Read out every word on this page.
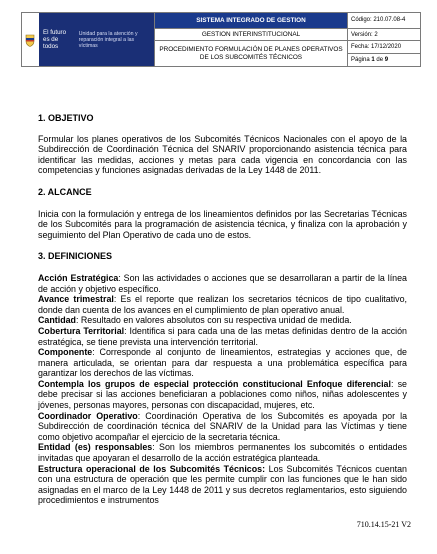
El futuro es de todos
Unidad para la atención y reparación integral a las víctimas	SISTEMA INTEGRADO DE GESTION	Código: 210.07.08-4
	GESTION INTERINSTITUCIONAL	Versión: 2
	PROCEDIMIENTO FORMULACIÓN DE PLANES OPERATIVOS DE LOS SUBCOMITÉS TÉCNICOS	Fecha: 17/12/2020
		Página 1 de 9

1. OBJETIVO

Formular los planes operativos de los Subcomités Técnicos Nacionales con el apoyo de la Subdirección de Coordinación Técnica del SNARIV proporcionando asistencia técnica para identificar las medidas, acciones y metas para cada vigencia en concordancia con las competencias y funciones asignadas derivadas de la Ley 1448 de 2011.

2. ALCANCE

Inicia con la formulación y entrega de los lineamientos definidos por las Secretarias Técnicas de los Subcomités para la programación de asistencia técnica, y finaliza con la aprobación y seguimiento del Plan Operativo de cada uno de estos.

3. DEFINICIONES

Acción Estratégica: Son las actividades o acciones que se desarrollaran a partir de la línea de acción y objetivo específico.

Avance trimestral: Es el reporte que realizan los secretarios técnicos de tipo cualitativo, donde dan cuenta de los avances en el cumplimiento de plan operativo anual.

Cantidad: Resultado en valores absolutos con su respectiva unidad de medida.

Cobertura Territorial: Identifica si para cada una de las metas definidas dentro de la acción estratégica, se tiene prevista una intervención territorial.

Componente: Corresponde al conjunto de lineamientos, estrategias y acciones que, de manera articulada, se orientan para dar respuesta a una problemática específica para garantizar los derechos de las víctimas.

Contempla los grupos de especial protección constitucional Enfoque diferencial: se debe precisar si las acciones beneficiaran a poblaciones como niños, niñas adolescentes y jóvenes, personas mayores, personas con discapacidad, mujeres, etc.

Coordinador Operativo: Coordinación Operativa de los Subcomités es apoyada por la Subdirección de coordinación técnica del SNARIV de la Unidad para las Víctimas y tiene como objetivo acompañar el ejercicio de la secretaria técnica.

Entidad (es) responsables: Son los miembros permanentes los subcomités o entidades invitadas que apoyaran el desarrollo de la acción estratégica planteada.

Estructura operacional de los Subcomités Técnicos: Los Subcomités Técnicos cuentan con una estructura de operación que les permite cumplir con las funciones que le han sido asignadas en el marco de la Ley 1448 de 2011 y sus decretos reglamentarios, esto siguiendo procedimientos e instrumentos

710.14.15-21 V2
